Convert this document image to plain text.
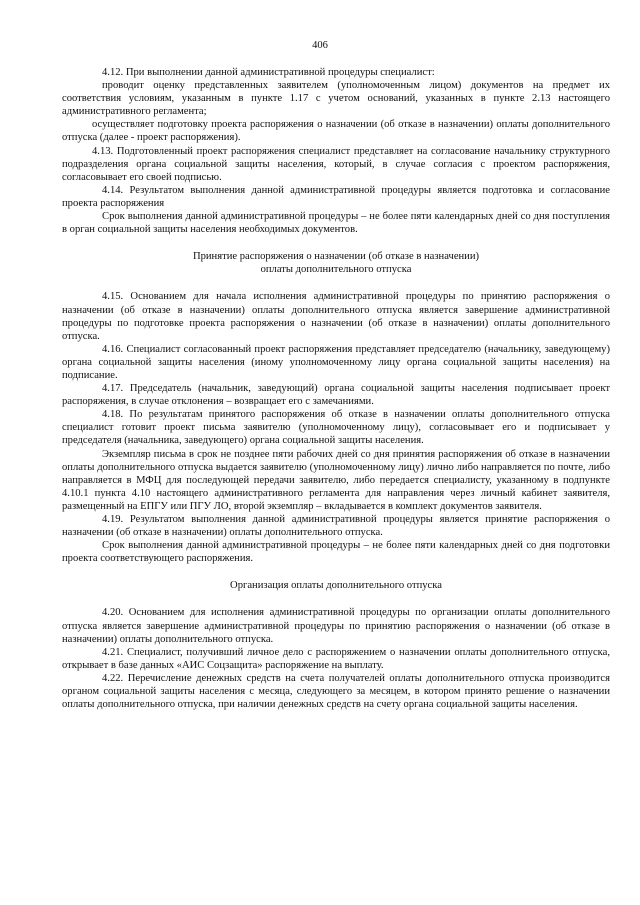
406

4.12. При выполнении данной административной процедуры специалист:

проводит оценку представленных заявителем (уполномоченным лицом) документов на предмет их соответствия условиям, указанным в пункте 1.17 с учетом оснований, указанных в пункте 2.13 настоящего административного регламента;

осуществляет подготовку проекта распоряжения о назначении (об отказе в назначении) оплаты дополнительного отпуска (далее - проект распоряжения).

4.13. Подготовленный проект распоряжения специалист представляет на согласование начальнику структурного подразделения органа социальной защиты населения, который, в случае согласия с проектом распоряжения, согласовывает его своей подписью.

4.14. Результатом выполнения данной административной процедуры является подготовка и согласование проекта распоряжения

Срок выполнения данной административной процедуры – не более пяти календарных дней со дня поступления в орган социальной защиты населения необходимых документов.

Принятие распоряжения о назначении (об отказе в назначении)

оплаты дополнительного отпуска

4.15. Основанием для начала исполнения административной процедуры по принятию распоряжения о назначении (об отказе в назначении) оплаты дополнительного отпуска является завершение административной процедуры по подготовке проекта распоряжения о назначении (об отказе в назначении) оплаты дополнительного отпуска.

4.16. Специалист согласованный проект распоряжения представляет председателю (начальнику, заведующему) органа социальной защиты населения (иному уполномоченному лицу органа социальной защиты населения) на подписание.

4.17. Председатель (начальник, заведующий) органа социальной защиты населения подписывает проект распоряжения, в случае отклонения – возвращает его с замечаниями.

4.18. По результатам принятого распоряжения об отказе в назначении оплаты дополнительного отпуска специалист готовит проект письма заявителю (уполномоченному лицу), согласовывает его и подписывает у председателя (начальника, заведующего) органа социальной защиты населения.

Экземпляр письма в срок не позднее пяти рабочих дней со дня принятия распоряжения об отказе в назначении оплаты дополнительного отпуска выдается заявителю (уполномоченному лицу) лично либо направляется по почте, либо направляется в МФЦ для последующей передачи заявителю, либо передается специалисту, указанному в подпункте 4.10.1 пункта 4.10 настоящего административного регламента для направления через личный кабинет заявителя, размещенный на ЕПГУ или ПГУ ЛО, второй экземпляр – вкладывается в комплект документов заявителя.

4.19. Результатом выполнения данной административной процедуры является принятие распоряжения о назначении (об отказе в назначении) оплаты дополнительного отпуска.

Срок выполнения данной административной процедуры – не более пяти календарных дней со дня подготовки проекта соответствующего распоряжения.

Организация оплаты дополнительного отпуска

4.20. Основанием для исполнения административной процедуры по организации оплаты дополнительного отпуска является завершение административной процедуры по принятию распоряжения о назначении (об отказе в назначении) оплаты дополнительного отпуска.

4.21. Специалист, получивший личное дело с распоряжением о назначении оплаты дополнительного отпуска, открывает в базе данных «АИС Соцзащита» распоряжение на выплату.

4.22. Перечисление денежных средств на счета получателей оплаты дополнительного отпуска производится органом социальной защиты населения с месяца, следующего за месяцем, в котором принято решение о назначении оплаты дополнительного отпуска, при наличии денежных средств на счету органа социальной защиты населения.
